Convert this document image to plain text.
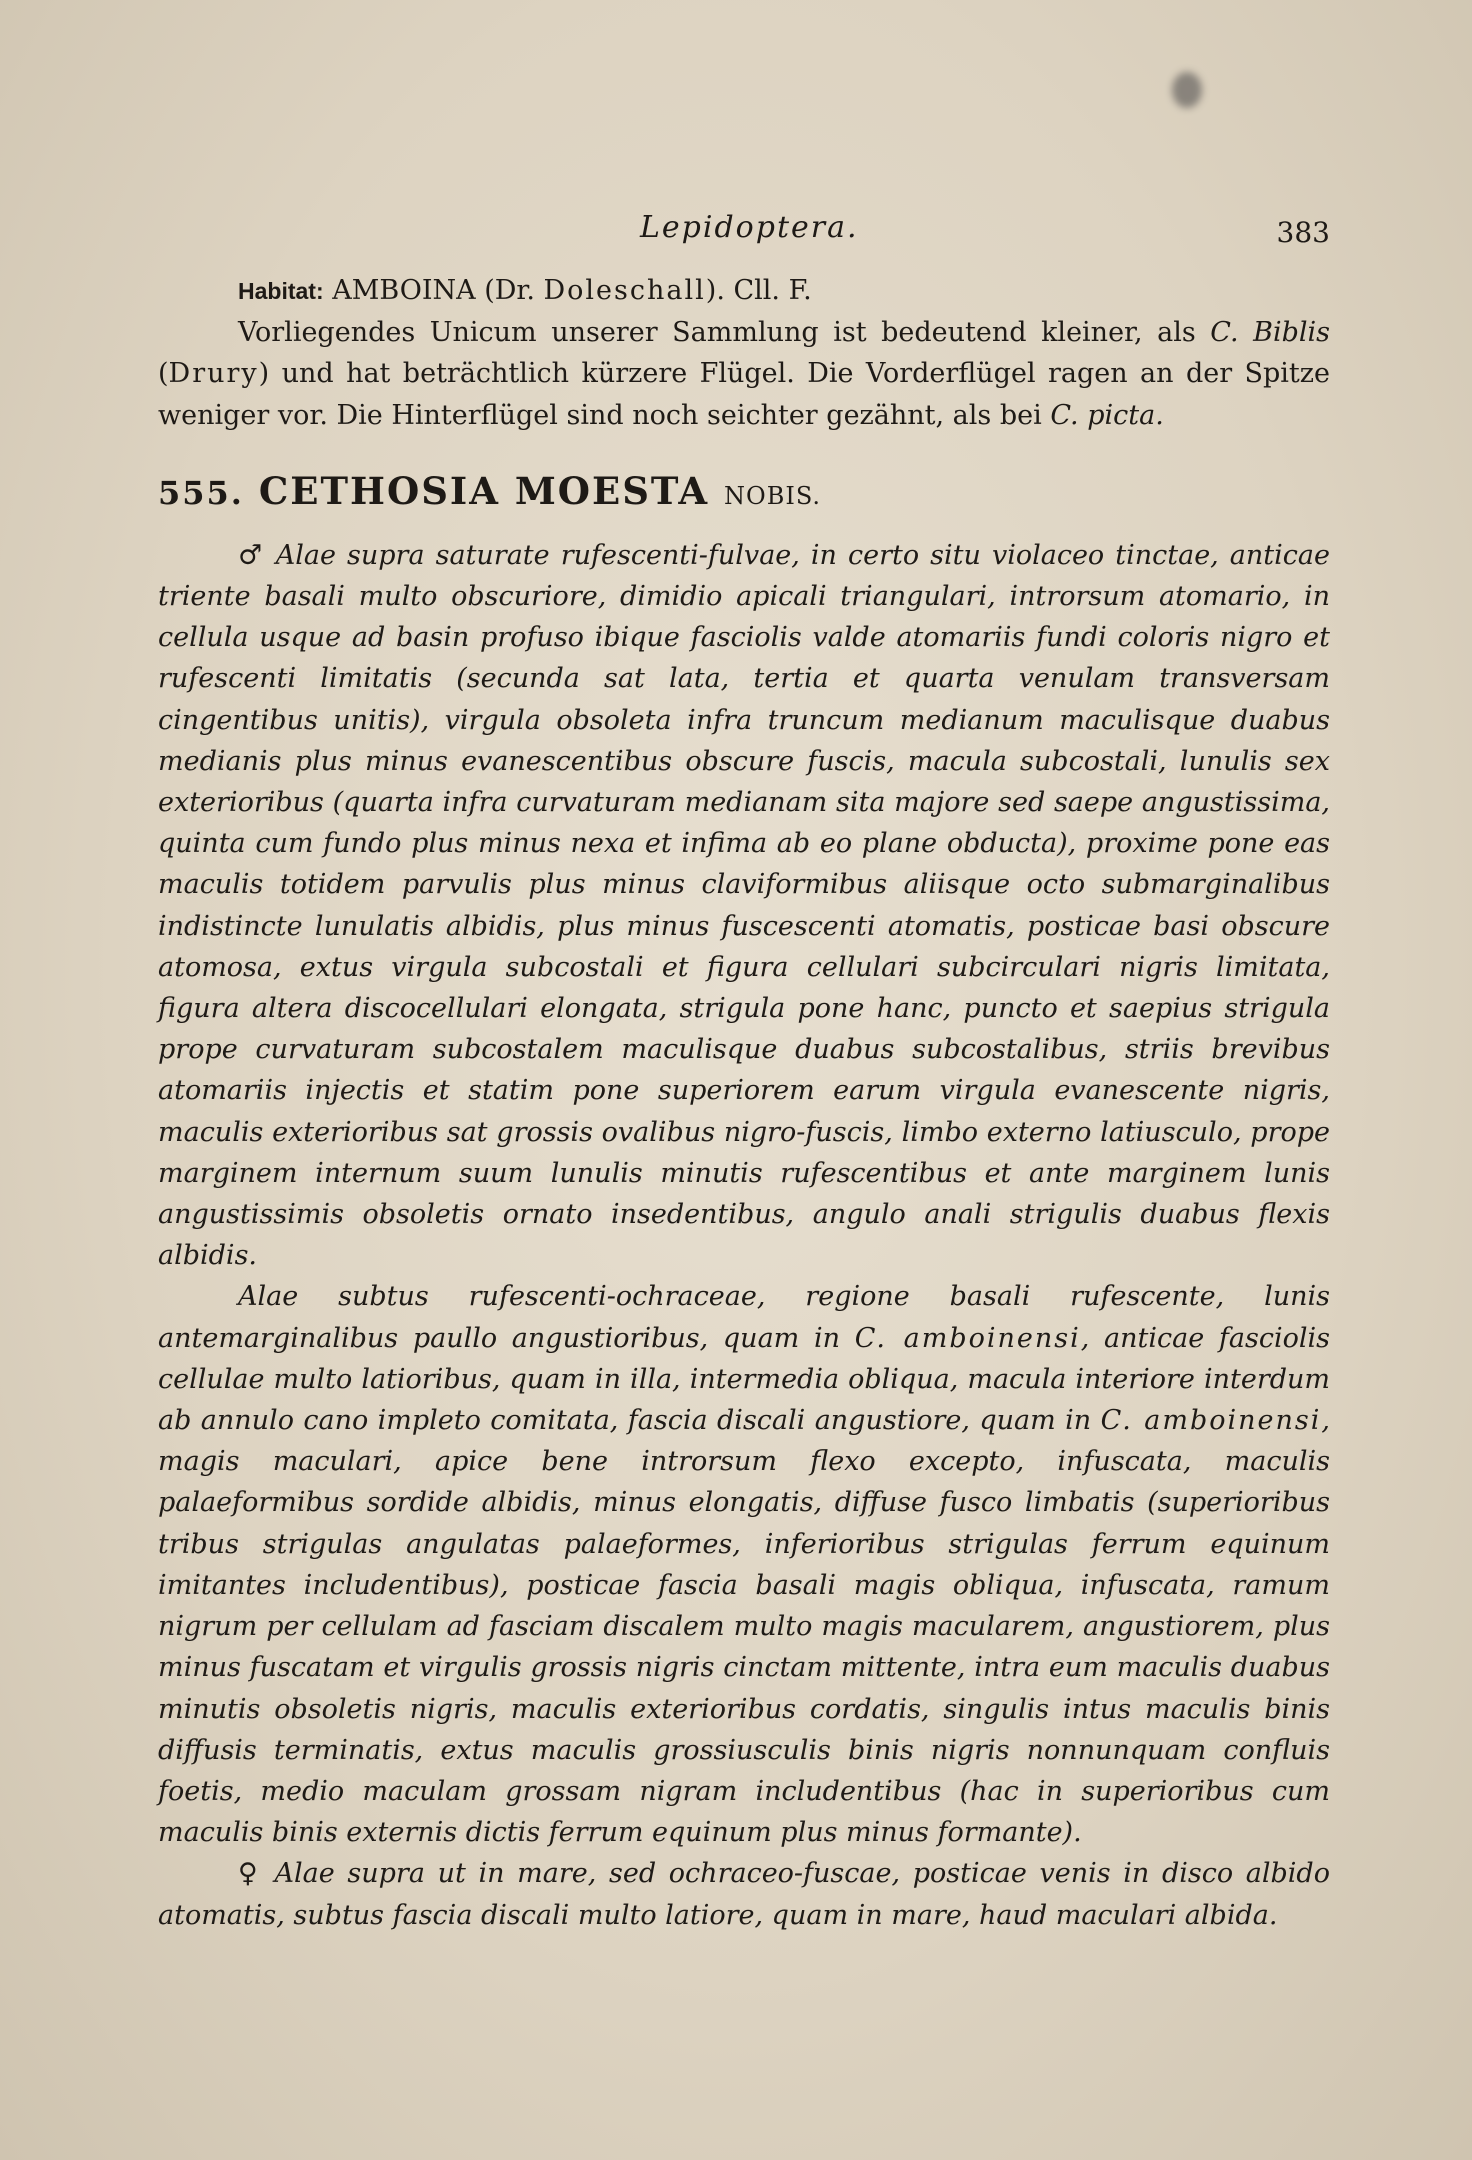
Lepidoptera.	383

Habitat: AMBOINA (Dr. Doleschall). Cll. F.

Vorliegendes Unicum unserer Sammlung ist bedeutend kleiner, als C. Biblis (Drury) und hat beträchtlich kürzere Flügel. Die Vorderflügel ragen an der Spitze weniger vor. Die Hinterflügel sind noch seichter gezähnt, als bei C. picta.

555. CETHOSIA MOESTA NOBIS.

♂ Alae supra saturate rufescenti-fulvae, in certo situ violaceo tinctae, anticae triente basali multo obscuriore, dimidio apicali triangulari, introrsum atomario, in cellula usque ad basin profuso ibique fasciolis valde atomariis fundi coloris nigro et rufescenti limitatis (secunda sat lata, tertia et quarta venulam transversam cingentibus unitis), virgula obsoleta infra truncum medianum maculisque duabus medianis plus minus evanescentibus obscure fuscis, macula subcostali, lunulis sex exterioribus (quarta infra curvaturam medianam sita majore sed saepe angustissima, quinta cum fundo plus minus nexa et infima ab eo plane obducta), proxime pone eas maculis totidem parvulis plus minus claviformibus aliisque octo submarginalibus indistincte lunulatis albidis, plus minus fuscescenti atomatis, posticae basi obscure atomosa, extus virgula subcostali et figura cellulari subcirculari nigris limitata, figura altera discocellulari elongata, strigula pone hanc, puncto et saepius strigula prope curvaturam subcostalem maculisque duabus subcostalibus, striis brevibus atomariis injectis et statim pone superiorem earum virgula evanescente nigris, maculis exterioribus sat grossis ovalibus nigro-fuscis, limbo externo latiusculo, prope marginem internum suum lunulis minutis rufescentibus et ante marginem lunis angustissimis obsoletis ornato insedentibus, angulo anali strigulis duabus flexis albidis.

Alae subtus rufescenti-ochraceae, regione basali rufescente, lunis antemarginalibus paullo angustioribus, quam in C. amboinensi, anticae fasciolis cellulae multo latioribus, quam in illa, intermedia obliqua, macula interiore interdum ab annulo cano impleto comitata, fascia discali angustiore, quam in C. amboinensi, magis maculari, apice bene introrsum flexo excepto, infuscata, maculis palaeformibus sordide albidis, minus elongatis, diffuse fusco limbatis (superioribus tribus strigulas angulatas palaeformes, inferioribus strigulas ferrum equinum imitantes includentibus), posticae fascia basali magis obliqua, infuscata, ramum nigrum per cellulam ad fasciam discalem multo magis macularem, angustiorem, plus minus fuscatam et virgulis grossis nigris cinctam mittente, intra eum maculis duabus minutis obsoletis nigris, maculis exterioribus cordatis, singulis intus maculis binis diffusis terminatis, extus maculis grossiusculis binis nigris nonnunquam confluis foetis, medio maculam grossam nigram includentibus (hac in superioribus cum maculis binis externis dictis ferrum equinum plus minus formante).

♀ Alae supra ut in mare, sed ochraceo-fuscae, posticae venis in disco albido atomatis, subtus fascia discali multo latiore, quam in mare, haud maculari albida.
